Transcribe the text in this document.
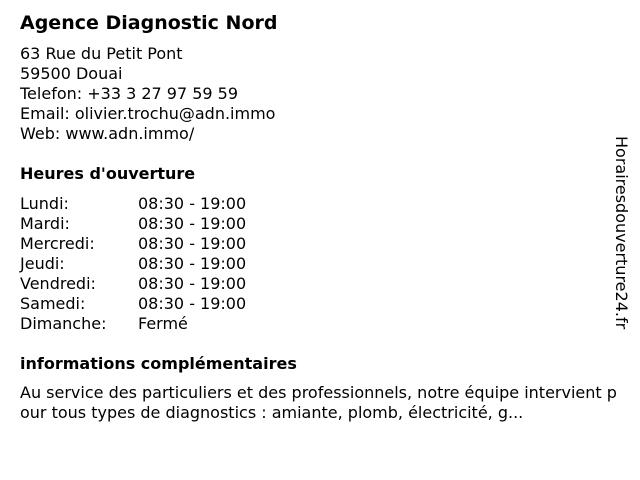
Agence Diagnostic Nord
63 Rue du Petit Pont
59500 Douai
Telefon: +33 3 27 97 59 59
Email: olivier.trochu@adn.immo
Web: www.adn.immo/
Heures d'ouverture
Lundi:	08:30 - 19:00
Mardi:	08:30 - 19:00
Mercredi:	08:30 - 19:00
Jeudi:	08:30 - 19:00
Vendredi:	08:30 - 19:00
Samedi:	08:30 - 19:00
Dimanche:	Fermé
informations complémentaires
Au service des particuliers et des professionnels, notre équipe intervient pour tous types de diagnostics : amiante, plomb, électricité, g...
Horairesdouverture24.fr
